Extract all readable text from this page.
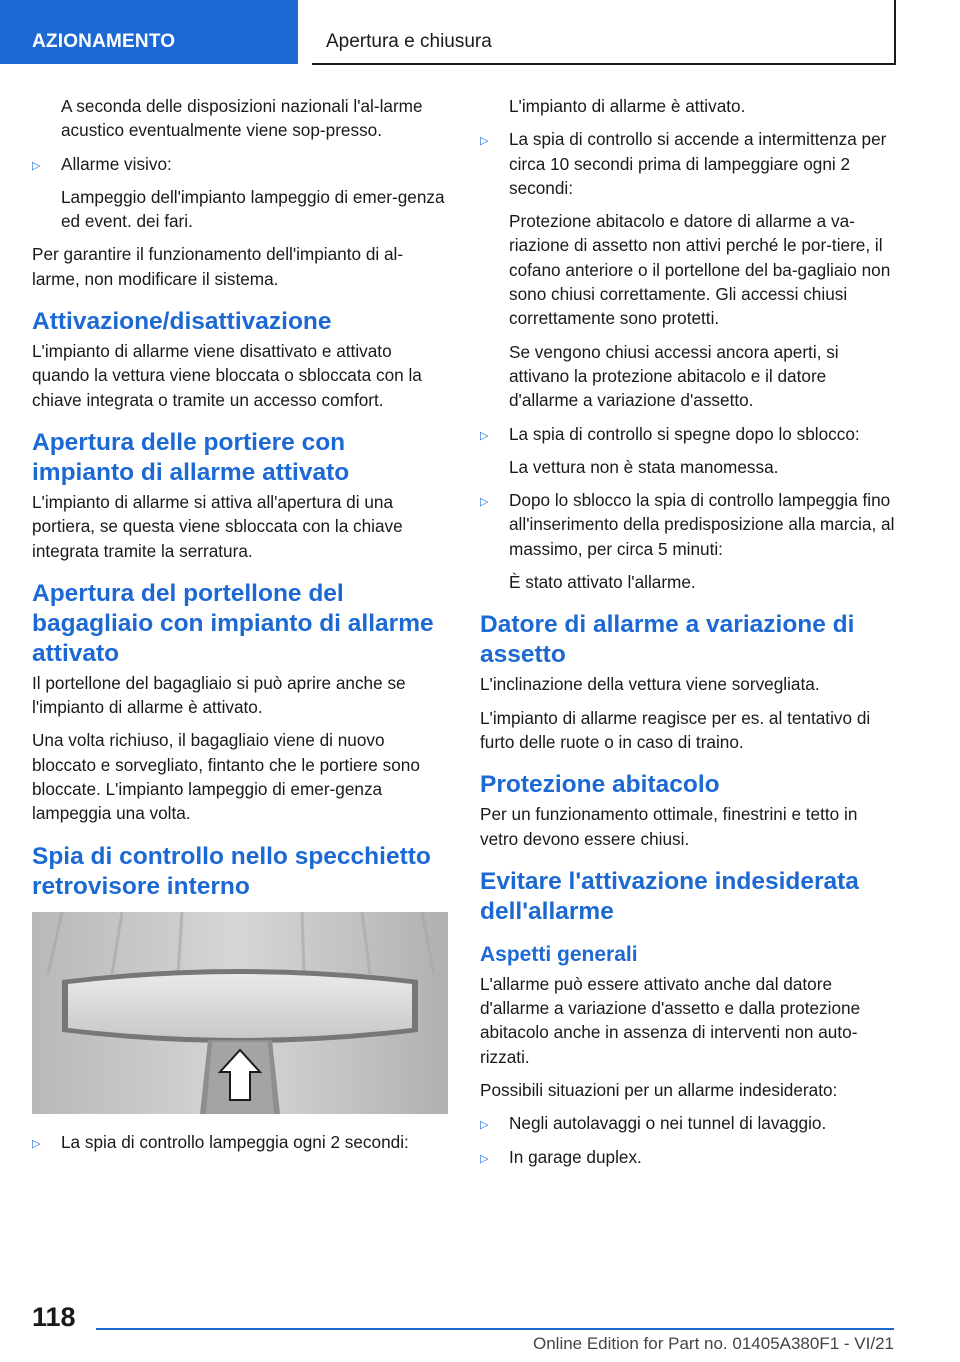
AZIONAMENTO	Apertura e chiusura

A seconda delle disposizioni nazionali l'al-larme acustico eventualmente viene sop-presso.

▷ Allarme visivo:

Lampeggio dell'impianto lampeggio di emer-genza ed event. dei fari.

Per garantire il funzionamento dell'impianto di al-larme, non modificare il sistema.

Attivazione/disattivazione

L'impianto di allarme viene disattivato e attivato quando la vettura viene bloccata o sbloccata con la chiave integrata o tramite un accesso comfort.

Apertura delle portiere con impianto di allarme attivato

L'impianto di allarme si attiva all'apertura di una portiera, se questa viene sbloccata con la chiave integrata tramite la serratura.

Apertura del portellone del bagagliaio con impianto di allarme attivato

Il portellone del bagagliaio si può aprire anche se l'impianto di allarme è attivato.

Una volta richiuso, il bagagliaio viene di nuovo bloccato e sorvegliato, fintanto che le portiere sono bloccate. L'impianto lampeggio di emer-genza lampeggia una volta.

Spia di controllo nello specchietto retrovisore interno

▷ La spia di controllo lampeggia ogni 2 secondi:

L'impianto di allarme è attivato.

▷ La spia di controllo si accende a intermittenza per circa 10 secondi prima di lampeggiare ogni 2 secondi:

Protezione abitacolo e datore di allarme a va-riazione di assetto non attivi perché le por-tiere, il cofano anteriore o il portellone del ba-gagliaio non sono chiusi correttamente. Gli accessi chiusi correttamente sono protetti.

Se vengono chiusi accessi ancora aperti, si attivano la protezione abitacolo e il datore d'allarme a variazione d'assetto.

▷ La spia di controllo si spegne dopo lo sblocco:

La vettura non è stata manomessa.

▷ Dopo lo sblocco la spia di controllo lampeggia fino all'inserimento della predisposizione alla marcia, al massimo, per circa 5 minuti:

È stato attivato l'allarme.

Datore di allarme a variazione di assetto

L'inclinazione della vettura viene sorvegliata.

L'impianto di allarme reagisce per es. al tentativo di furto delle ruote o in caso di traino.

Protezione abitacolo

Per un funzionamento ottimale, finestrini e tetto in vetro devono essere chiusi.

Evitare l'attivazione indesiderata dell'allarme
Aspetti generali

L'allarme può essere attivato anche dal datore d'allarme a variazione d'assetto e dalla protezione abitacolo anche in assenza di interventi non auto-rizzati.

Possibili situazioni per un allarme indesiderato:

▷ Negli autolavaggi o nei tunnel di lavaggio.

▷ In garage duplex.

118
Online Edition for Part no. 01405A380F1 - VI/21
